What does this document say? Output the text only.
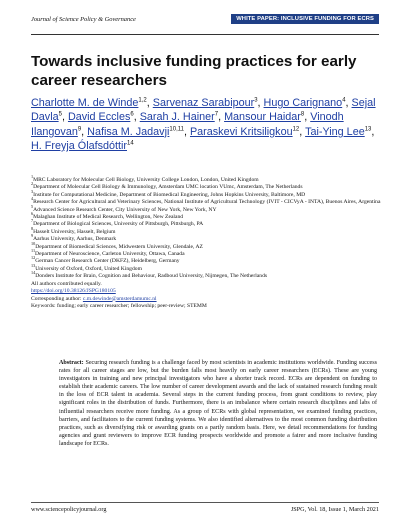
Journal of Science Policy & Governance	WHITE PAPER: INCLUSIVE FUNDING FOR ECRS
Towards inclusive funding practices for early career researchers
Charlotte M. de Winde$^{1,2}$, Sarvenaz Sarabipour$^3$, Hugo Carignano$^4$, Sejal Davla$^5$, David Eccles$^6$, Sarah J. Hainer$^7$, Mansour Haidar$^8$, Vinodh Ilangovan$^9$, Nafisa M. Jadavji$^{10,11}$, Paraskevi Kritsiligkou$^{12}$, Tai-Ying Lee$^{13}$, H. Freyja Ólafsdóttir$^{14}$
$^1$MRC Laboratory for Molecular Cell Biology, University College London, London, United Kingdom
$^2$Department of Molecular Cell Biology & Immunology, Amsterdam UMC location VUmc, Amsterdam, The Netherlands
$^3$Institute for Computational Medicine, Department of Biomedical Engineering, Johns Hopkins University, Baltimore, MD
$^4$Research Center for Agricultural and Veterinary Sciences, National Institute of Agricultural Technology (IVIT - CICVyA - INTA), Buenos Aires, Argentina
$^5$Advanced Science Research Center, City University of New York, New York, NY
$^6$Malaghan Institute of Medical Research, Wellington, New Zealand
$^7$Department of Biological Sciences, University of Pittsburgh, Pittsburgh, PA
$^8$Hasselt University, Hasselt, Belgium
$^9$Aarhus University, Aarhus, Denmark
$^{10}$Department of Biomedical Sciences, Midwestern University, Glendale, AZ
$^{11}$Department of Neuroscience, Carleton University, Ottawa, Canada
$^{12}$German Cancer Research Center (DKFZ), Heidelberg, Germany
$^{13}$University of Oxford, Oxford, United Kingdom
$^{14}$Donders Institute for Brain, Cognition and Behaviour, Radboud University, Nijmegen, The Netherlands
All authors contributed equally.
https://doi.org/10.38126/JSPG180105
Corresponding author: c.m.dewinde@amsterdamumc.nl
Keywords: funding; early career researcher; fellowship; peer-review; STEMM
Abstract: Securing research funding is a challenge faced by most scientists in academic institutions worldwide. Funding success rates for all career stages are low, but the burden falls most heavily on early career researchers (ECRs). These are young investigators in training and new principal investigators who have a shorter track record. ECRs are dependent on funding to establish their academic careers. The low number of career development awards and the lack of sustained research funding result in the loss of ECR talent in academia. Several steps in the current funding process, from grant conditions to review, play significant roles in the distribution of funds. Furthermore, there is an imbalance where certain research disciplines and labs of influential researchers receive more funding. As a group of ECRs with global representation, we examined funding practices, barriers, and facilitators to the current funding systems. We also identified alternatives to the most common funding distribution practices, such as diversifying risk or awarding grants on a partly random basis. Here, we detail recommendations for funding agencies and grant reviewers to improve ECR funding prospects worldwide and promote a fairer and more inclusive funding landscape for ECRs.
www.sciencepolicyjournal.org	JSPG, Vol. 18, Issue 1, March 2021
